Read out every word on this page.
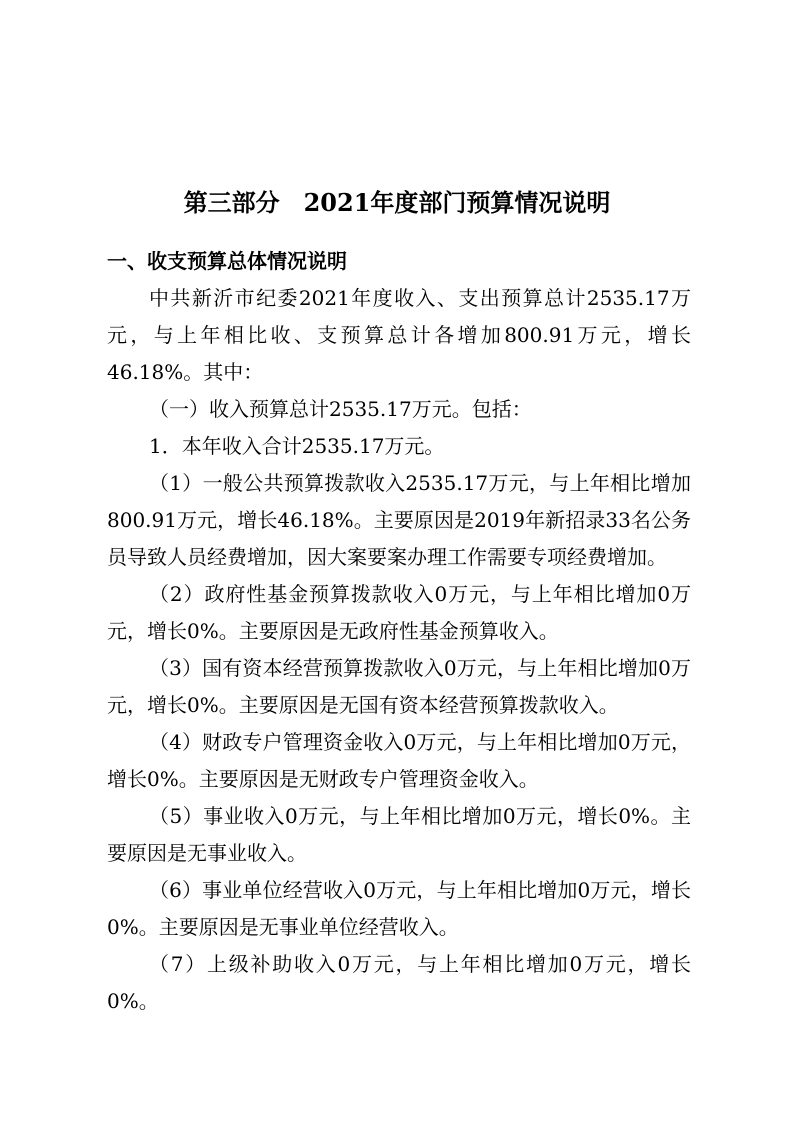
第三部分　2021年度部门预算情况说明
一、收支预算总体情况说明
中共新沂市纪委2021年度收入、支出预算总计2535.17万元，与上年相比收、支预算总计各增加800.91万元，增长46.18%。其中：
（一）收入预算总计2535.17万元。包括：
1．本年收入合计2535.17万元。
（1）一般公共预算拨款收入2535.17万元，与上年相比增加800.91万元，增长46.18%。主要原因是2019年新招录33名公务员导致人员经费增加，因大案要案办理工作需要专项经费增加。
（2）政府性基金预算拨款收入0万元，与上年相比增加0万元，增长0%。主要原因是无政府性基金预算收入。
（3）国有资本经营预算拨款收入0万元，与上年相比增加0万元，增长0%。主要原因是无国有资本经营预算拨款收入。
（4）财政专户管理资金收入0万元，与上年相比增加0万元，增长0%。主要原因是无财政专户管理资金收入。
（5）事业收入0万元，与上年相比增加0万元，增长0%。主要原因是无事业收入。
（6）事业单位经营收入0万元，与上年相比增加0万元，增长0%。主要原因是无事业单位经营收入。
（7）上级补助收入0万元，与上年相比增加0万元，增长0%。
